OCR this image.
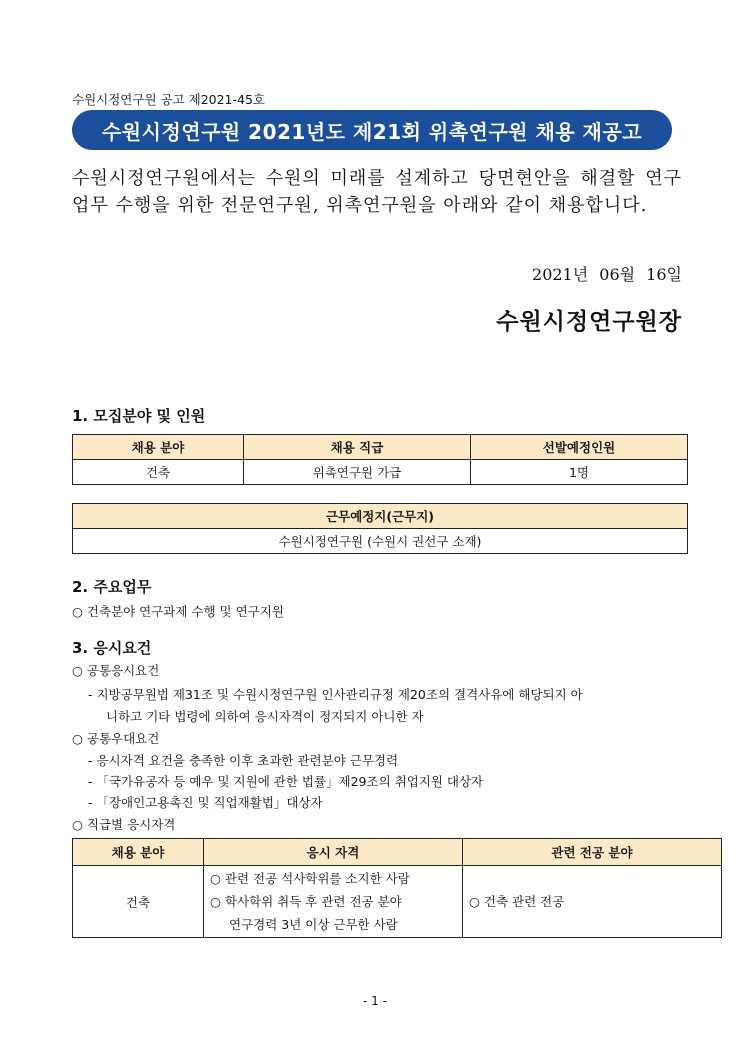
수원시정연구원 공고 제2021-45호
수원시정연구원 2021년도 제21회 위촉연구원 채용 재공고
수원시정연구원에서는 수원의 미래를 설계하고 당면현안을 해결할 연구업무 수행을 위한 전문연구원, 위촉연구원을 아래와 같이 채용합니다.
2021년 06월 16일
수원시정연구원장
1. 모집분야 및 인원
채용 분야	채용 직급	선발예정인원
건축	위촉연구원 가급	1명
근무예정지(근무지)
수원시정연구원 (수원시 권선구 소재)
2. 주요업무
○ 건축분야 연구과제 수행 및 연구지원
3. 응시요건
○ 공통응시요건
- 지방공무원법 제31조 및 수원시정연구원 인사관리규정 제20조의 결격사유에 해당되지 아
니하고 기타 법령에 의하여 응시자격이 정지되지 아니한 자
○ 공통우대요건
- 응시자격 요건을 충족한 이후 초과한 관련분야 근무경력
- 「국가유공자 등 예우 및 지원에 관한 법률」제29조의 취업지원 대상자
- 「장애인고용촉진 및 직업재활법」대상자
○ 직급별 응시자격
채용 분야	응시 자격	관련 전공 분야
건축	○ 관련 전공 석사학위를 소지한 사람
○ 학사학위 취득 후 관련 전공 분야
연구경력 3년 이상 근무한 사람	○ 건축 관련 전공
- 1 -
